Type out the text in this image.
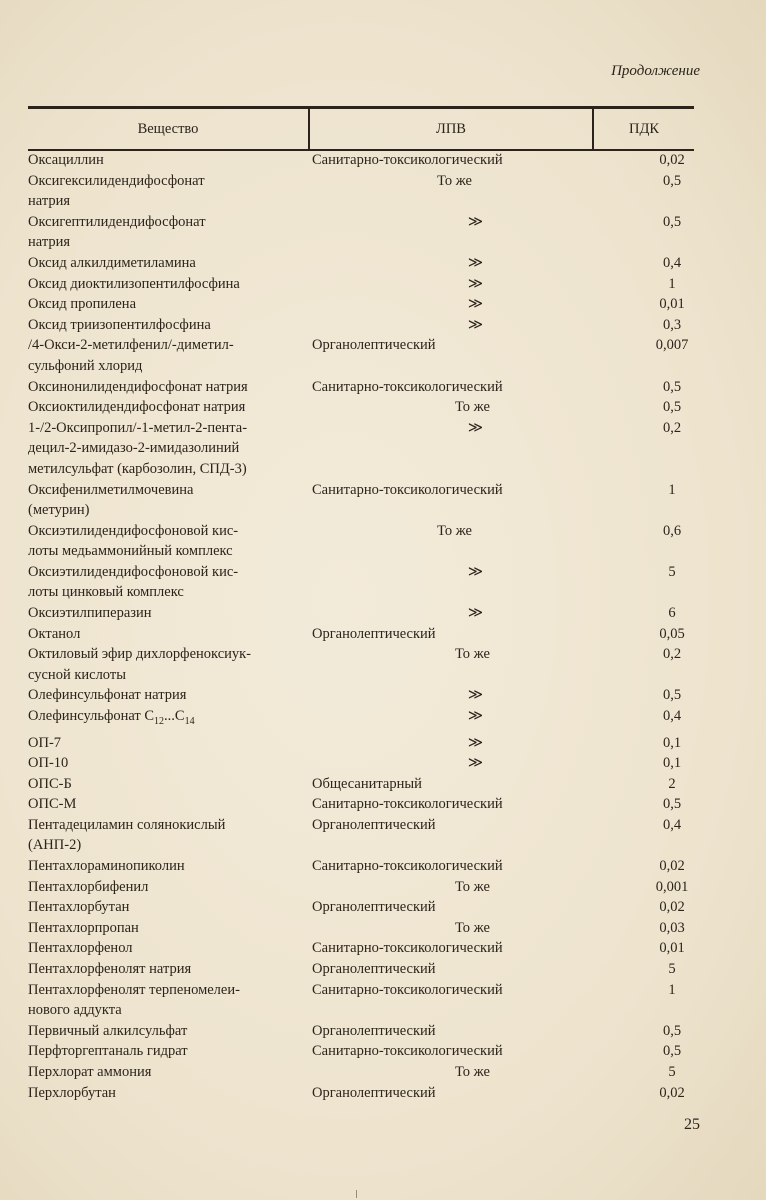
Продолжение
Вещество	ЛПВ	ПДК
Оксациллин	Санитарно-токсикологический	0,02
Оксигексилидендифосфонат
натрия
То же	0,5
Оксигептилидендифосфонат
натрия
≫	0,5
Оксид алкилдиметиламина	≫	0,4
Оксид диоктилизопентилфосфина	≫	1
Оксид пропилена	≫	0,01
Оксид триизопентилфосфина	≫	0,3
/4-Окси-2-метилфенил/-диметил-
сульфоний хлорид
Органолептический	0,007
Оксинонилидендифосфонат натрия	Санитарно-токсикологический	0,5
Оксиоктилидендифосфонат натрия	То же	0,5
1-/2-Оксипропил/-1-метил-2-пента-
децил-2-имидазо-2-имидазолиний
метилсульфат (карбозолин, СПД-3)
≫	0,2
Оксифенилметилмочевина
(метурин)
Санитарно-токсикологический	1
Оксиэтилидендифосфоновой кис-
лоты медьаммонийный комплекс
То же	0,6
Оксиэтилидендифосфоновой кис-
лоты цинковый комплекс
≫	5
Оксиэтилпиперазин	≫	6
Октанол	Органолептический	0,05
Октиловый эфир дихлорфеноксиук-
сусной кислоты
То же	0,2
Олефинсульфонат натрия	≫	0,5
Олефинсульфонат $C_{12}...C_{14}$	≫	0,4
ОП-7	≫	0,1
ОП-10	≫	0,1
ОПС-Б	Общесанитарный	2
ОПС-М	Санитарно-токсикологический	0,5
Пентадециламин солянокислый
(АНП-2)
Органолептический	0,4
Пентахлораминопиколин	Санитарно-токсикологический	0,02
Пентахлорбифенил	То же	0,001
Пентахлорбутан	Органолептический	0,02
Пентахлорпропан	То же	0,03
Пентахлорфенол	Санитарно-токсикологический	0,01
Пентахлорфенолят натрия	Органолептический	5
Пентахлорфенолят терпеномелеи-
нового аддукта
Санитарно-токсикологический	1
Первичный алкилсульфат	Органолептический	0,5
Перфторгептаналь гидрат	Санитарно-токсикологический	0,5
Перхлорат аммония	То же	5
Перхлорбутан	Органолептический	0,02
25
